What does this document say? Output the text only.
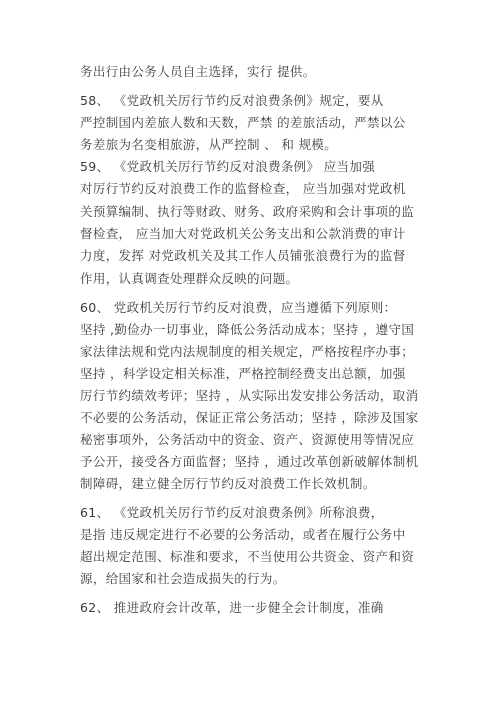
务出行由公务人员自主选择，实行 提供。
58、 《党政机关厉行节约反对浪费条例》规定，要从
严控制国内差旅人数和天数，严禁 的差旅活动，严禁以公
务差旅为名变相旅游，从严控制 、 和 规模。
59、 《党政机关厉行节约反对浪费条例》 应当加强
对厉行节约反对浪费工作的监督检查， 应当加强对党政机
关预算编制、执行等财政、财务、政府采购和会计事项的监
督检查， 应当加大对党政机关公务支出和公款消费的审计
力度，发挥 对党政机关及其工作人员铺张浪费行为的监督
作用，认真调查处理群众反映的问题。
60、 党政机关厉行节约反对浪费，应当遵循下列原则：
坚持 ,勤俭办一切事业，降低公务活动成本；坚持 ，遵守国
家法律法规和党内法规制度的相关规定，严格按程序办事；
坚持 ，科学设定相关标准，严格控制经费支出总额，加强
厉行节约绩效考评；坚持 ，从实际出发安排公务活动，取消
不必要的公务活动，保证正常公务活动；坚持 ，除涉及国家
秘密事项外，公务活动中的资金、资产、资源使用等情况应
予公开，接受各方面监督；坚持 ，通过改革创新破解体制机
制障碍，建立健全厉行节约反对浪费工作长效机制。
61、 《党政机关厉行节约反对浪费条例》所称浪费，
是指 违反规定进行不必要的公务活动，或者在履行公务中
超出规定范围、标准和要求，不当使用公共资金、资产和资
源，给国家和社会造成损失的行为。
62、 推进政府会计改革，进一步健全会计制度，准确
